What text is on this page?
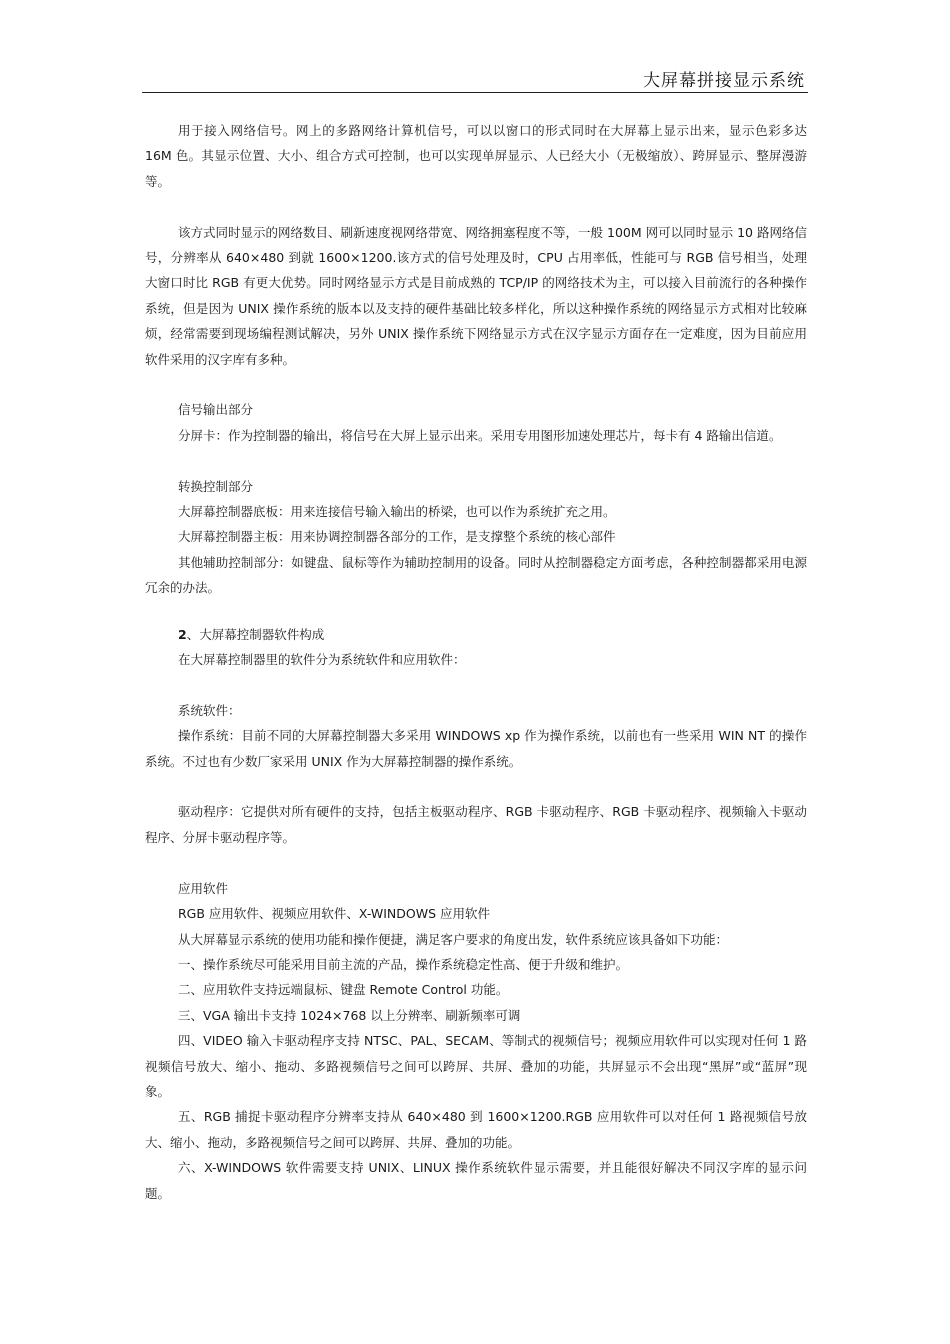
大屏幕拼接显示系统

用于接入网络信号。网上的多路网络计算机信号，可以以窗口的形式同时在大屏幕上显示出来，显示色彩多达 16M 色。其显示位置、大小、组合方式可控制，也可以实现单屏显示、人已经大小（无极缩放）、跨屏显示、整屏漫游等。

该方式同时显示的网络数目、刷新速度视网络带宽、网络拥塞程度不等，一般 100M 网可以同时显示 10 路网络信号，分辨率从 640×480 到就 1600×1200.该方式的信号处理及时，CPU 占用率低，性能可与 RGB 信号相当，处理大窗口时比 RGB 有更大优势。同时网络显示方式是目前成熟的 TCP/IP 的网络技术为主，可以接入目前流行的各种操作系统，但是因为 UNIX 操作系统的版本以及支持的硬件基础比较多样化，所以这种操作系统的网络显示方式相对比较麻烦，经常需要到现场编程测试解决，另外 UNIX 操作系统下网络显示方式在汉字显示方面存在一定难度，因为目前应用软件采用的汉字库有多种。

信号输出部分

分屏卡：作为控制器的输出，将信号在大屏上显示出来。采用专用图形加速处理芯片，每卡有 4 路输出信道。

转换控制部分

大屏幕控制器底板：用来连接信号输入输出的桥梁，也可以作为系统扩充之用。

大屏幕控制器主板：用来协调控制器各部分的工作，是支撑整个系统的核心部件

其他辅助控制部分：如键盘、鼠标等作为辅助控制用的设备。同时从控制器稳定方面考虑，各种控制器都采用电源冗余的办法。

2、大屏幕控制器软件构成

在大屏幕控制器里的软件分为系统软件和应用软件：

系统软件：

操作系统：目前不同的大屏幕控制器大多采用 WINDOWS xp 作为操作系统，以前也有一些采用 WIN NT 的操作系统。不过也有少数厂家采用 UNIX 作为大屏幕控制器的操作系统。

驱动程序：它提供对所有硬件的支持，包括主板驱动程序、RGB 卡驱动程序、RGB 卡驱动程序、视频输入卡驱动程序、分屏卡驱动程序等。

应用软件

RGB 应用软件、视频应用软件、X-WINDOWS 应用软件

从大屏幕显示系统的使用功能和操作便捷，满足客户要求的角度出发，软件系统应该具备如下功能：

一、操作系统尽可能采用目前主流的产品，操作系统稳定性高、便于升级和维护。

二、应用软件支持远端鼠标、键盘 Remote Control 功能。

三、VGA 输出卡支持 1024×768 以上分辨率、刷新频率可调

四、VIDEO 输入卡驱动程序支持 NTSC、PAL、SECAM、等制式的视频信号；视频应用软件可以实现对任何 1 路视频信号放大、缩小、拖动、多路视频信号之间可以跨屏、共屏、叠加的功能，共屏显示不会出现“黑屏”或“蓝屏”现象。

五、RGB 捕捉卡驱动程序分辨率支持从 640×480 到 1600×1200.RGB 应用软件可以对任何 1 路视频信号放大、缩小、拖动，多路视频信号之间可以跨屏、共屏、叠加的功能。

六、X-WINDOWS 软件需要支持 UNIX、LINUX 操作系统软件显示需要，并且能很好解决不同汉字库的显示问题。
